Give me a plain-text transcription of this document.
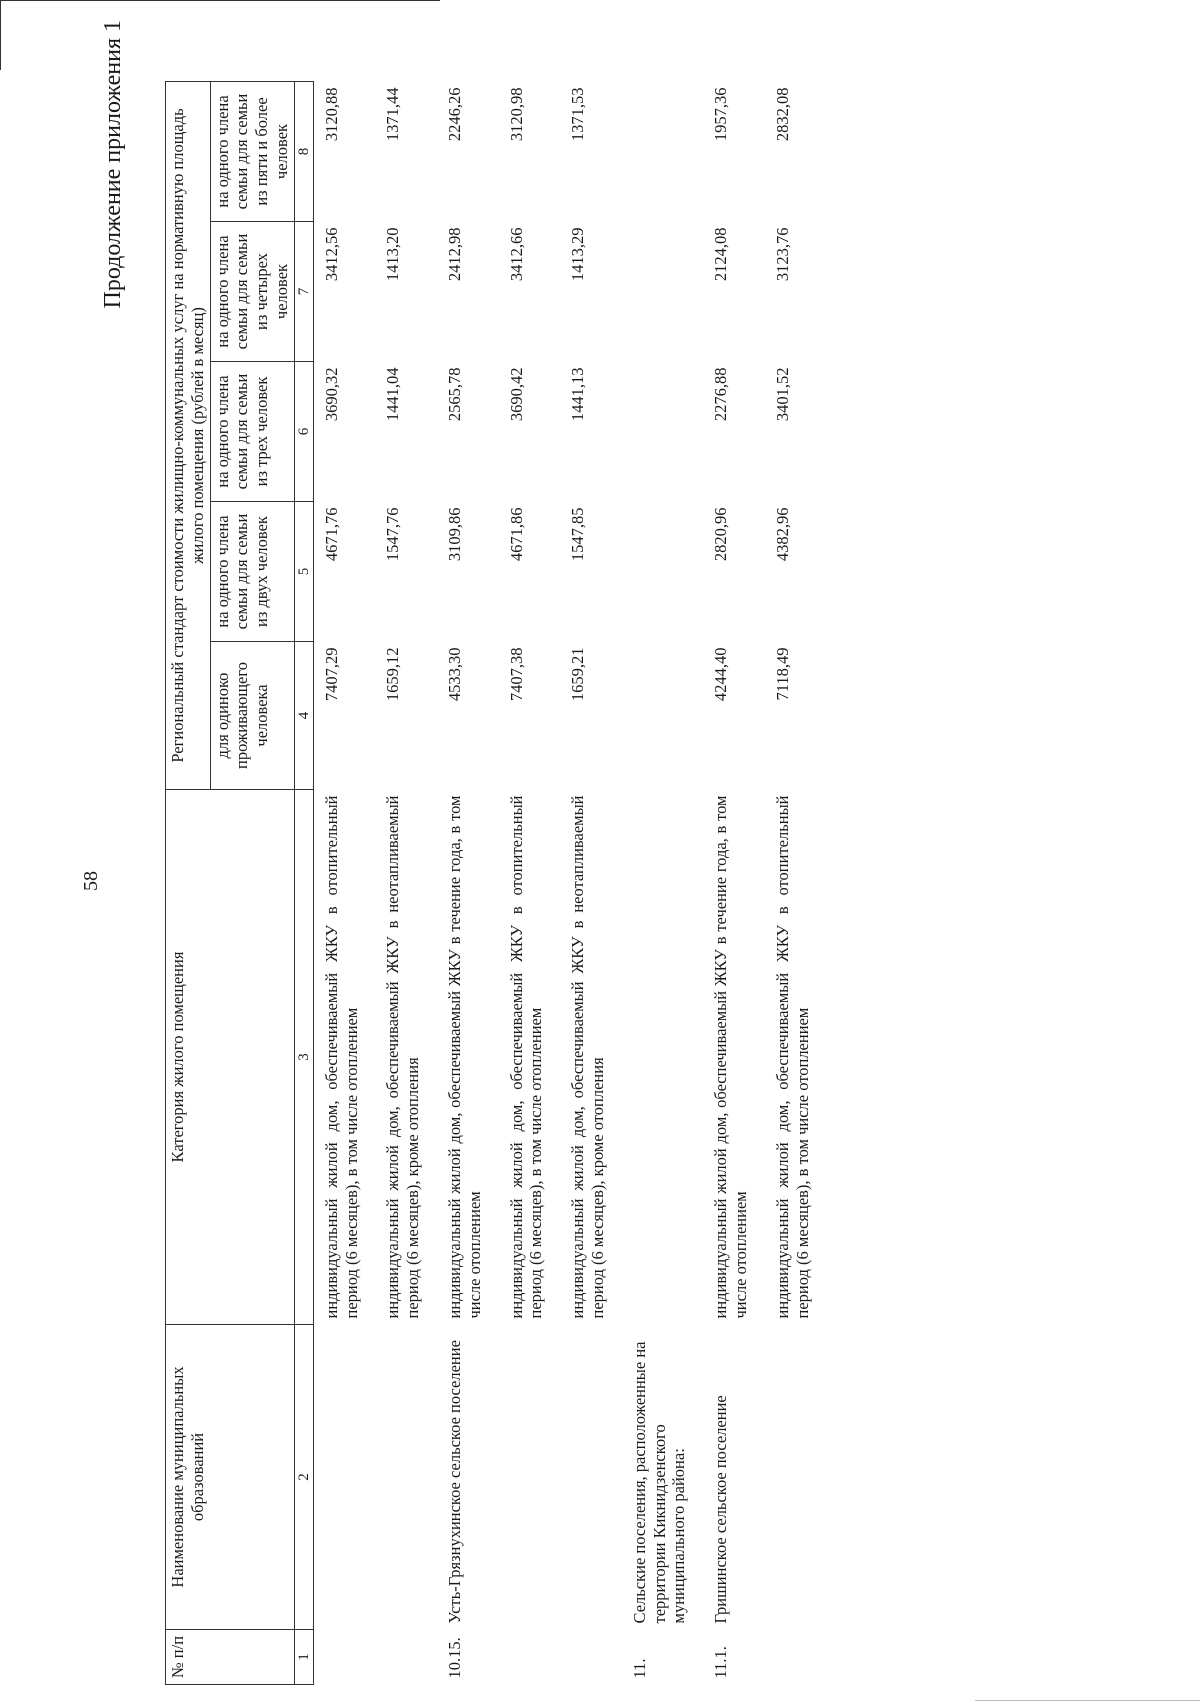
58
Продолжение приложения 1
№ п/п	Наименование муниципальных образований	Категория жилого помещения	Региональный стандарт стоимости жилищно-коммунальных услуг на нормативную площадь жилого помещения (рублей в месяц)				
			для одиноко проживающего человека	на одного члена семьи для семьи из двух человек	на одного члена семьи для семьи из трех человек	на одного члена семьи для семьи из четырех человек	на одного члена семьи для семьи из пяти и более человек
1	2	3	4	5	6	7	8
		индивидуальный жилой дом, обеспечиваемый ЖКУ в отопительный период (6 месяцев), в том числе отоплением	7407,29	4671,76	3690,32	3412,56	3120,88
		индивидуальный жилой дом, обеспечиваемый ЖКУ в неотапливаемый период (6 месяцев), кроме отопления	1659,12	1547,76	1441,04	1413,20	1371,44
10.15.	Усть-Грязнухинское сельское поселение	индивидуальный жилой дом, обеспечиваемый ЖКУ в течение года, в том числе отоплением	4533,30	3109,86	2565,78	2412,98	2246,26
		индивидуальный жилой дом, обеспечиваемый ЖКУ в отопительный период (6 месяцев), в том числе отоплением	7407,38	4671,86	3690,42	3412,66	3120,98
		индивидуальный жилой дом, обеспечиваемый ЖКУ в неотапливаемый период (6 месяцев), кроме отопления	1659,21	1547,85	1441,13	1413,29	1371,53
11.	Сельские поселения, расположенные на территории Кикнидзенского муниципального района:						
11.1.	Гришинское сельское поселение	индивидуальный жилой дом, обеспечиваемый ЖКУ в течение года, в том числе отоплением	4244,40	2820,96	2276,88	2124,08	1957,36
		индивидуальный жилой дом, обеспечиваемый ЖКУ в отопительный период (6 месяцев), в том числе отоплением	7118,49	4382,96	3401,52	3123,76	2832,08
